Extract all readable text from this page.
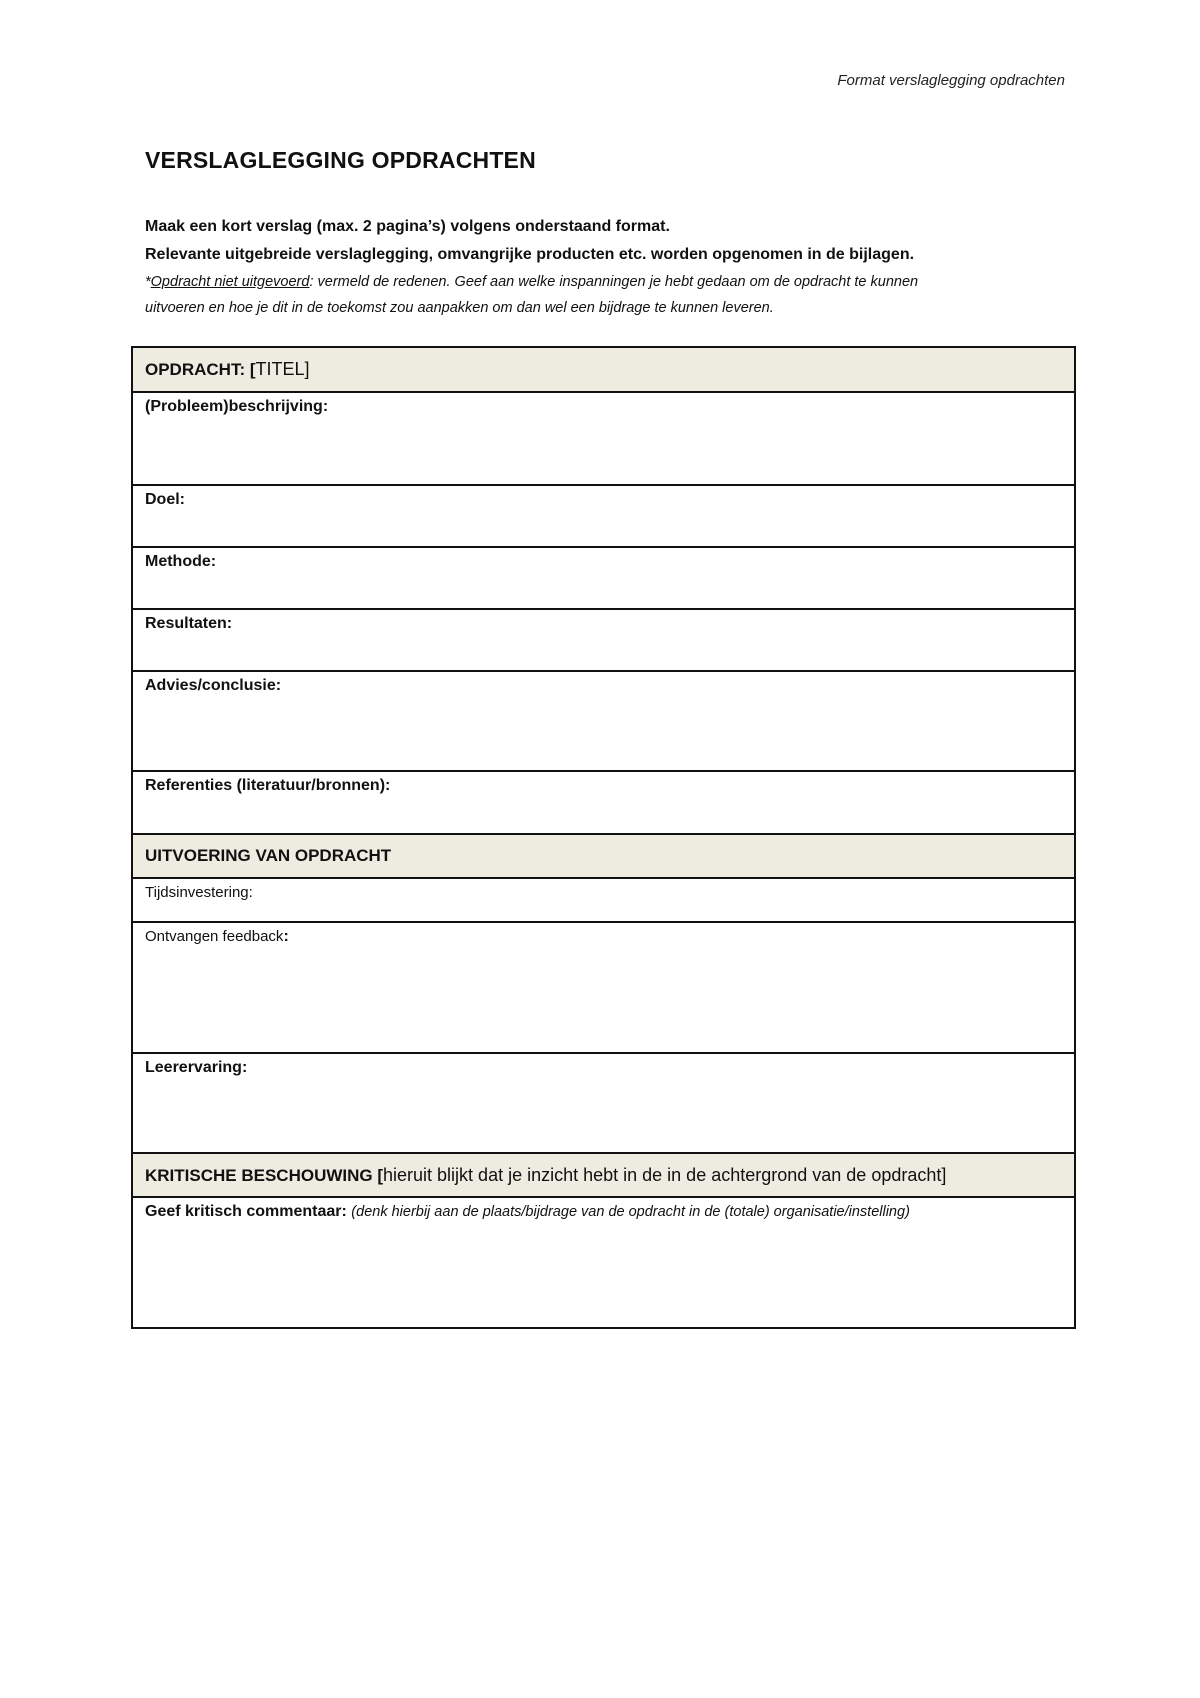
Format verslaglegging opdrachten
VERSLAGLEGGING OPDRACHTEN
Maak een kort verslag (max. 2 pagina’s) volgens onderstaand format.
Relevante uitgebreide verslaglegging, omvangrijke producten etc. worden opgenomen in de bijlagen.
*Opdracht niet uitgevoerd: vermeld de redenen. Geef aan welke inspanningen je hebt gedaan om de opdracht te kunnen
uitvoeren en hoe je dit in de toekomst zou aanpakken om dan wel een bijdrage te kunnen leveren.
OPDRACHT: [TITEL]
(Probleem)beschrijving:
Doel:
Methode:
Resultaten:
Advies/conclusie:
Referenties (literatuur/bronnen):
UITVOERING VAN OPDRACHT
Tijdsinvestering:
Ontvangen feedback:
Leerervaring:
KRITISCHE BESCHOUWING [hieruit blijkt dat je inzicht hebt in de in de achtergrond van de opdracht]
Geef kritisch commentaar: (denk hierbij aan de plaats/bijdrage van de opdracht in de (totale) organisatie/instelling)
